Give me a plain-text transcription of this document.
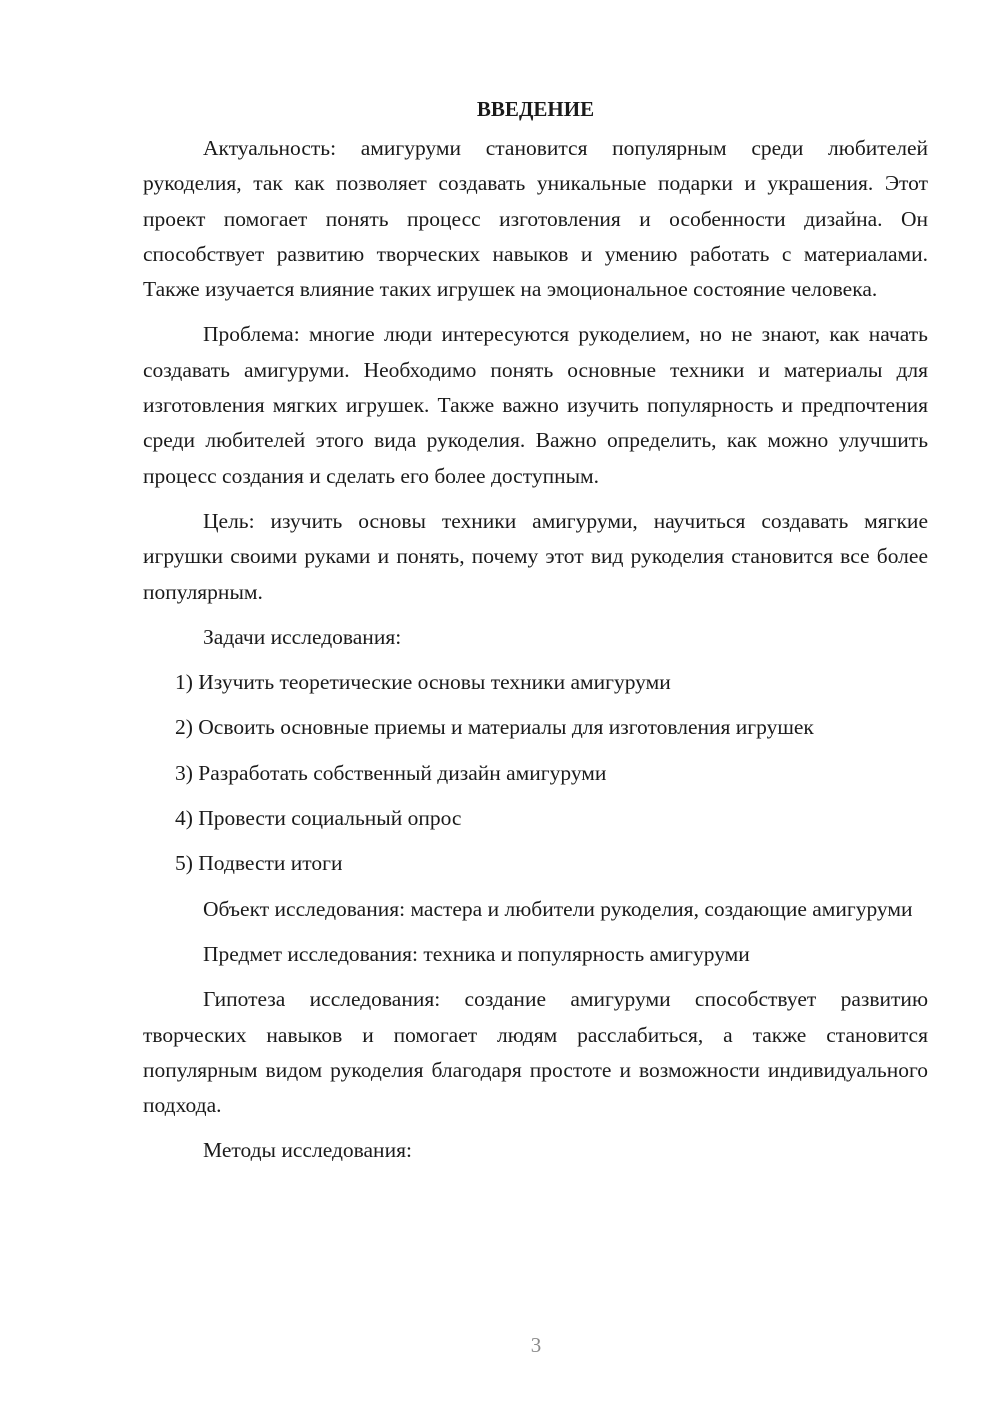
ВВЕДЕНИЕ

Актуальность: амигуруми становится популярным среди любителей рукоделия, так как позволяет создавать уникальные подарки и украшения. Этот проект помогает понять процесс изготовления и особенности дизайна. Он способствует развитию творческих навыков и умению работать с материалами. Также изучается влияние таких игрушек на эмоциональное состояние человека.

Проблема: многие люди интересуются рукоделием, но не знают, как начать создавать амигуруми. Необходимо понять основные техники и материалы для изготовления мягких игрушек. Также важно изучить популярность и предпочтения среди любителей этого вида рукоделия. Важно определить, как можно улучшить процесс создания и сделать его более доступным.

Цель: изучить основы техники амигуруми, научиться создавать мягкие игрушки своими руками и понять, почему этот вид рукоделия становится все более популярным.

Задачи исследования:

1) Изучить теоретические основы техники амигуруми
2) Освоить основные приемы и материалы для изготовления игрушек
3) Разработать собственный дизайн амигуруми
4) Провести социальный опрос
5) Подвести итоги

Объект исследования: мастера и любители рукоделия, создающие амигуруми

Предмет исследования: техника и популярность амигуруми

Гипотеза исследования: создание амигуруми способствует развитию творческих навыков и помогает людям расслабиться, а также становится популярным видом рукоделия благодаря простоте и возможности индивидуального подхода.

Методы исследования:

3
